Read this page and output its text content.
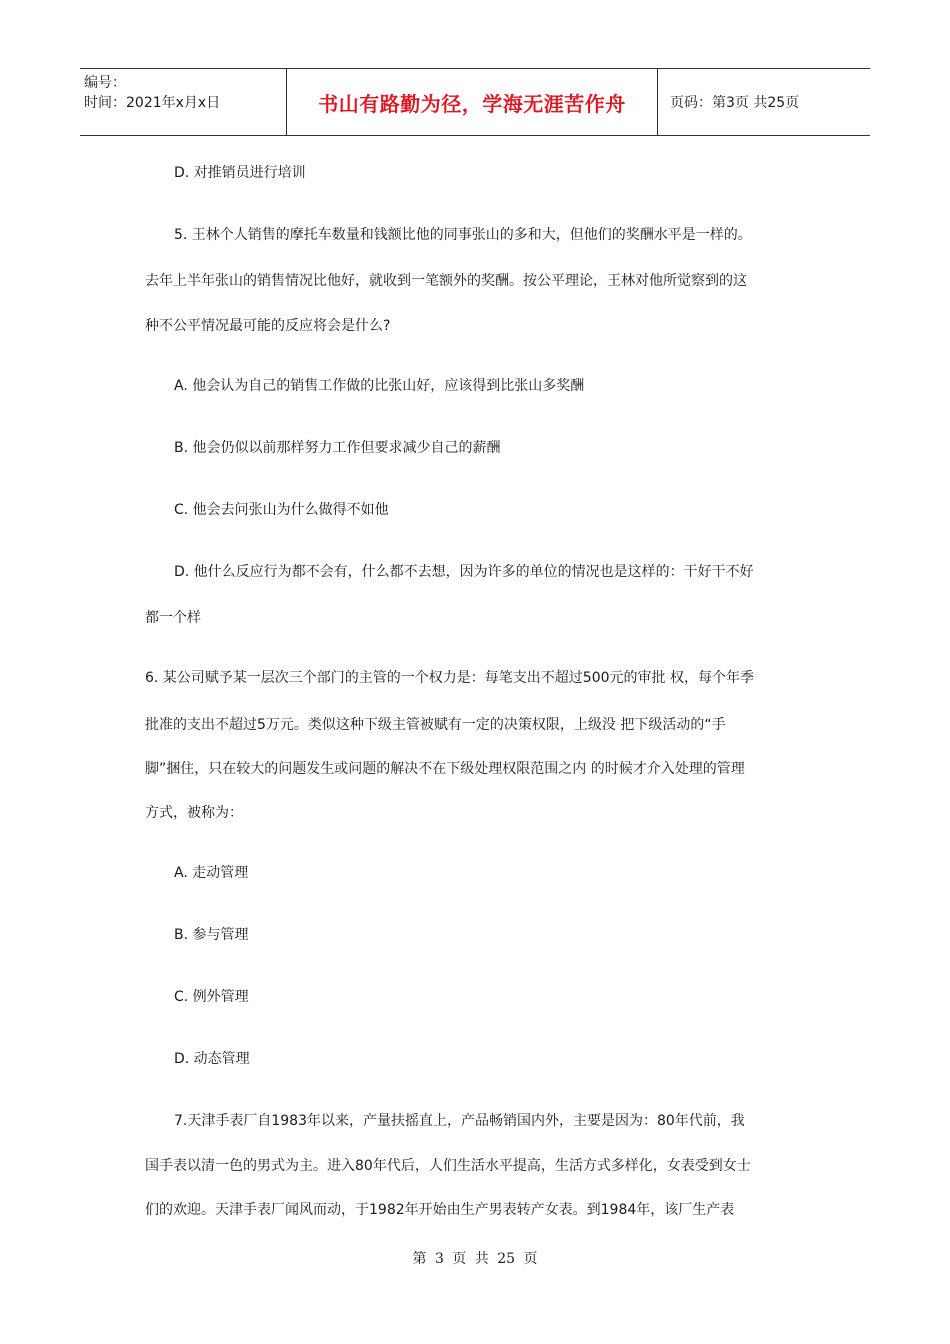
编号：
时间：2021年x月x日	书山有路勤为径，学海无涯苦作舟	页码：第3页 共25页
D. 对推销员进行培训
5. 王林个人销售的摩托车数量和钱额比他的同事张山的多和大，但他们的奖酬水平是一样的。
去年上半年张山的销售情况比他好，就收到一笔额外的奖酬。按公平理论，王林对他所觉察到的这
种不公平情况最可能的反应将会是什么?
A. 他会认为自己的销售工作做的比张山好，应该得到比张山多奖酬
B. 他会仍似以前那样努力工作但要求减少自己的薪酬
C. 他会去问张山为什么做得不如他
D. 他什么反应行为都不会有，什么都不去想，因为许多的单位的情况也是这样的：干好干不好
都一个样
6. 某公司赋予某一层次三个部门的主管的一个权力是：每笔支出不超过500元的审批 权，每个年季
批准的支出不超过5万元。类似这种下级主管被赋有一定的决策权限，上级没 把下级活动的“手
脚”捆住，只在较大的问题发生或问题的解决不在下级处理权限范围之内 的时候才介入处理的管理
方式，被称为：
A. 走动管理
B. 参与管理
C. 例外管理
D. 动态管理
7.天津手表厂自1983年以来，产量扶摇直上，产品畅销国内外，主要是因为：80年代前，我
国手表以清一色的男式为主。进入80年代后，人们生活水平提高，生活方式多样化，女表受到女士
们的欢迎。天津手表厂闻风而动，于1982年开始由生产男表转产女表。到1984年，该厂生产表
第 3 页 共 25 页
